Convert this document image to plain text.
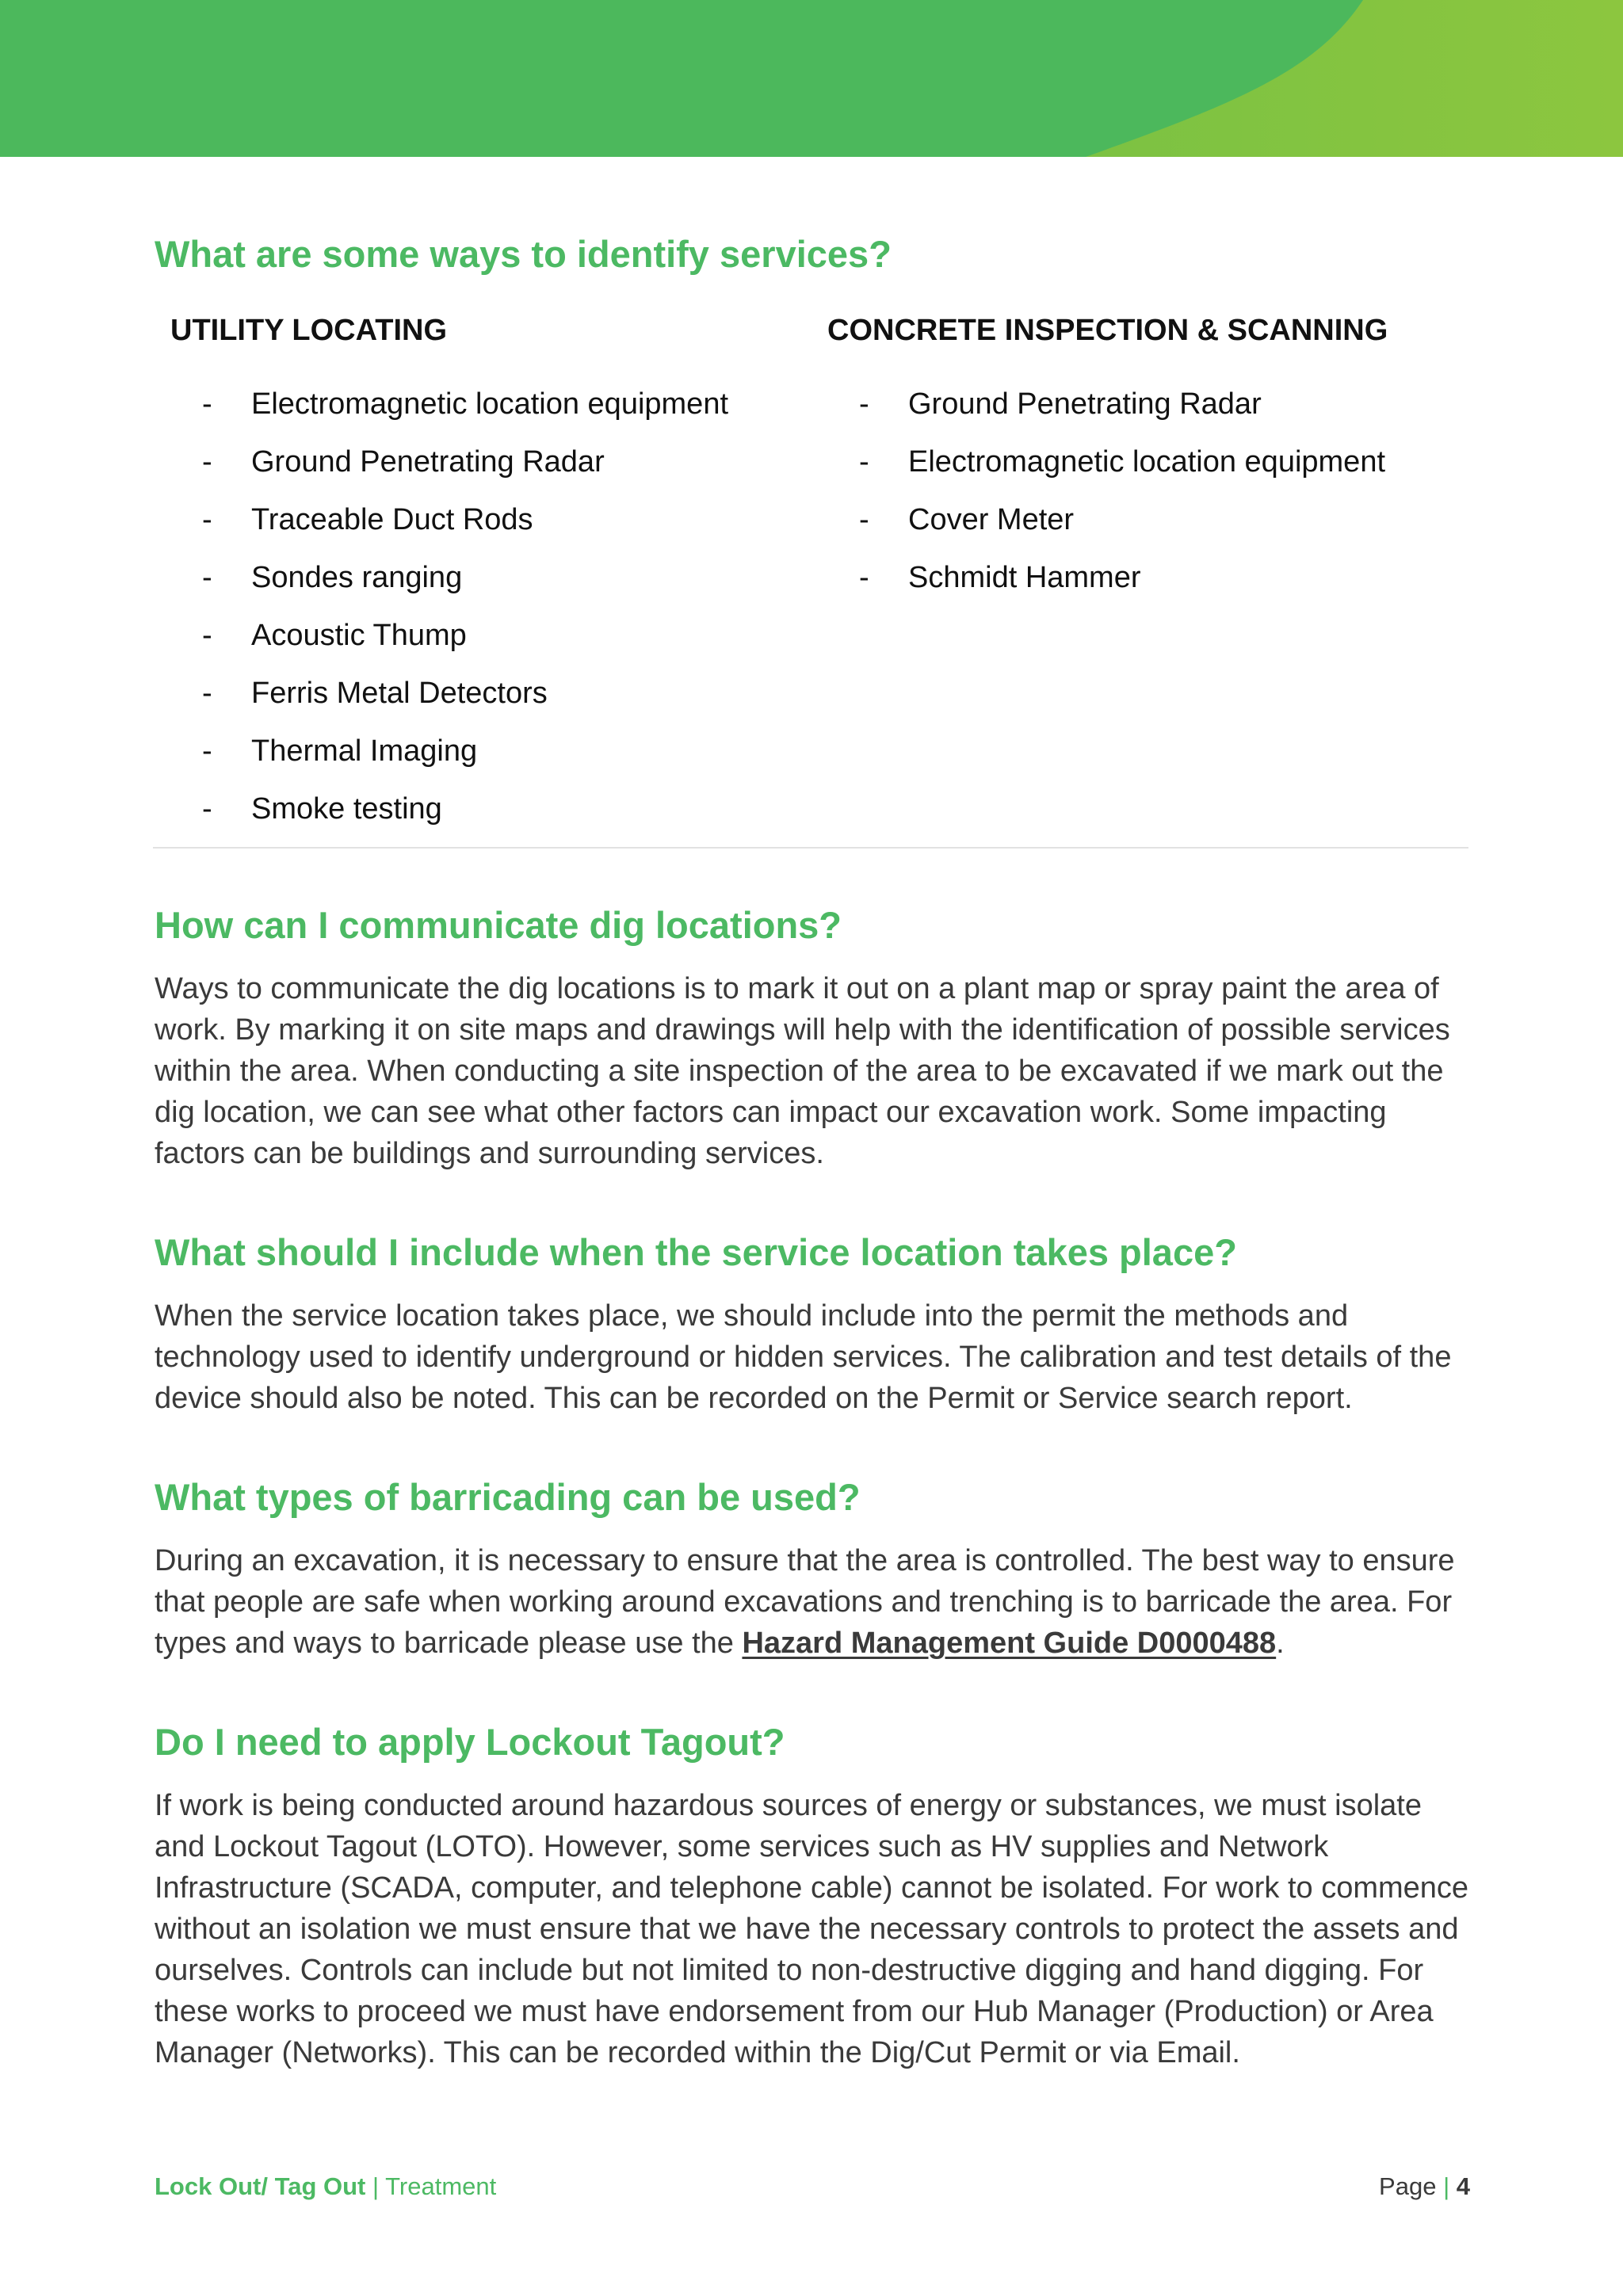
What are some ways to identify services?
UTILITY LOCATING	CONCRETE INSPECTION & SCANNING
- Electromagnetic location equipment
- Ground Penetrating Radar
- Traceable Duct Rods
- Sondes ranging
- Acoustic Thump
- Ferris Metal Detectors
- Thermal Imaging
- Smoke testing
- Ground Penetrating Radar
- Electromagnetic location equipment
- Cover Meter
- Schmidt Hammer
How can I communicate dig locations?

Ways to communicate the dig locations is to mark it out on a plant map or spray paint the area of work. By marking it on site maps and drawings will help with the identification of possible services within the area. When conducting a site inspection of the area to be excavated if we mark out the dig location, we can see what other factors can impact our excavation work. Some impacting factors can be buildings and surrounding services.

What should I include when the service location takes place?

When the service location takes place, we should include into the permit the methods and technology used to identify underground or hidden services. The calibration and test details of the device should also be noted. This can be recorded on the Permit or Service search report.

What types of barricading can be used?

During an excavation, it is necessary to ensure that the area is controlled. The best way to ensure that people are safe when working around excavations and trenching is to barricade the area. For types and ways to barricade please use the Hazard Management Guide D0000488.

Do I need to apply Lockout Tagout?

If work is being conducted around hazardous sources of energy or substances, we must isolate and Lockout Tagout (LOTO). However, some services such as HV supplies and Network Infrastructure (SCADA, computer, and telephone cable) cannot be isolated. For work to commence without an isolation we must ensure that we have the necessary controls to protect the assets and ourselves. Controls can include but not limited to non-destructive digging and hand digging. For these works to proceed we must have endorsement from our Hub Manager (Production) or Area Manager (Networks). This can be recorded within the Dig/Cut Permit or via Email.

Lock Out/ Tag Out | Treatment	Page | 4
